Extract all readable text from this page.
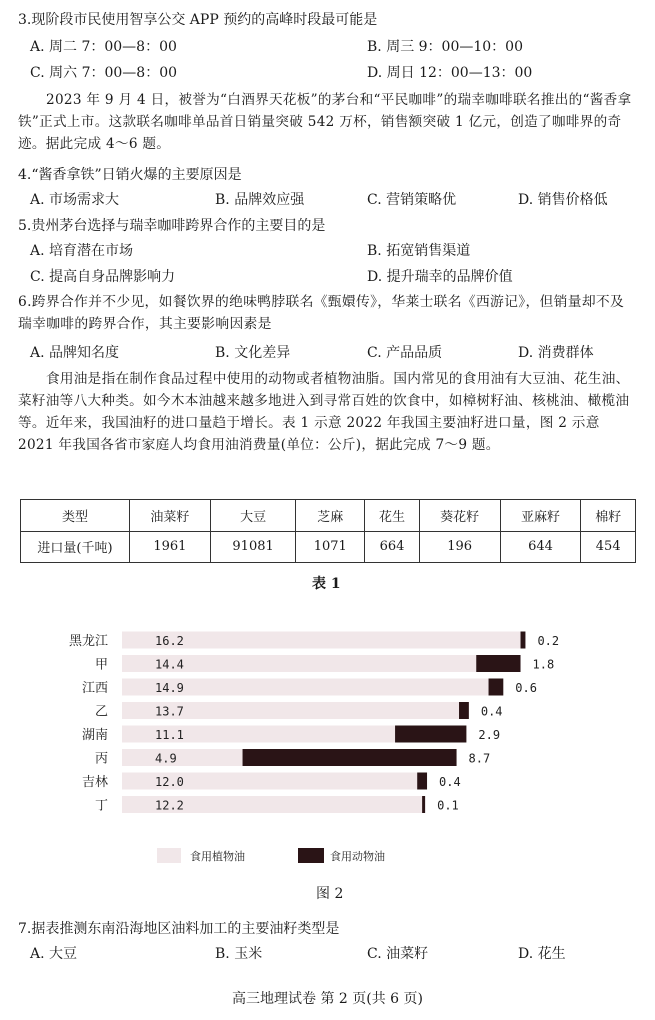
3.现阶段市民使用智享公交 APP 预约的高峰时段最可能是
A. 周二 7：00—8：00	B. 周三 9：00—10：00
C. 周六 7：00—8：00	D. 周日 12：00—13：00
2023 年 9 月 4 日，被誉为“白酒界天花板”的茅台和“平民咖啡”的瑞幸咖啡联名推出的“酱香拿铁”正式上市。这款联名咖啡单品首日销量突破 542 万杯，销售额突破 1 亿元，创造了咖啡界的奇迹。据此完成 4～6 题。
4.“酱香拿铁”日销火爆的主要原因是
A. 市场需求大	B. 品牌效应强	C. 营销策略优	D. 销售价格低
5.贵州茅台选择与瑞幸咖啡跨界合作的主要目的是
A. 培育潜在市场	B. 拓宽销售渠道
C. 提高自身品牌影响力	D. 提升瑞幸的品牌价值
6.跨界合作并不少见，如餐饮界的绝味鸭脖联名《甄嬛传》，华莱士联名《西游记》，但销量却不及瑞幸咖啡的跨界合作，其主要影响因素是
A. 品牌知名度	B. 文化差异	C. 产品品质	D. 消费群体
食用油是指在制作食品过程中使用的动物或者植物油脂。国内常见的食用油有大豆油、花生油、菜籽油等八大种类。如今木本油越来越多地进入到寻常百姓的饮食中，如樟树籽油、核桃油、橄榄油等。近年来，我国油籽的进口量趋于增长。表 1 示意 2022 年我国主要油籽进口量，图 2 示意 2021 年我国各省市家庭人均食用油消费量(单位：公斤)，据此完成 7～9 题。
类型	油菜籽	大豆	芝麻	花生	葵花籽	亚麻籽	棉籽
进口量(千吨)	1961	91081	1071	664	196	644	454
表 1
黑龙江	16.2	0.2
甲	14.4	1.8
江西	14.9	0.6
乙	13.7	0.4
湖南	11.1	2.9
丙	4.9	8.7
吉林	12.0	0.4
丁	12.2	0.1
食用植物油	食用动物油
图 2
7.据表推测东南沿海地区油料加工的主要油籽类型是
A. 大豆	B. 玉米	C. 油菜籽	D. 花生
高三地理试卷 第 2 页(共 6 页)
